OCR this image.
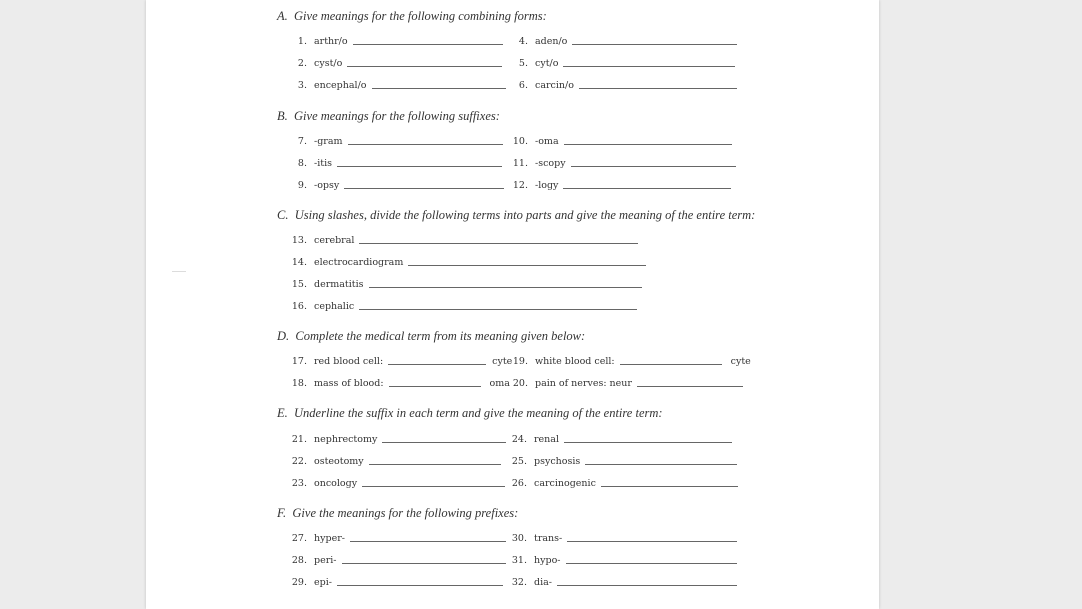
A. Give meanings for the following combining forms:
1. arthr/o
2. cyst/o
3. encephal/o
4. aden/o
5. cyt/o
6. carcin/o
B. Give meanings for the following suffixes:
7. -gram
8. -itis
9. -opsy
10. -oma
11. -scopy
12. -logy
C. Using slashes, divide the following terms into parts and give the meaning of the entire term:
13. cerebral
14. electrocardiogram
15. dermatitis
16. cephalic
D. Complete the medical term from its meaning given below:
17. red blood cell:	cyte
18. mass of blood:	oma
19. white blood cell:	cyte
20. pain of nerves: neur
E. Underline the suffix in each term and give the meaning of the entire term:
21. nephrectomy
22. osteotomy
23. oncology
24. renal
25. psychosis
26. carcinogenic
F. Give the meanings for the following prefixes:
27. hyper-
28. peri-
29. epi-
30. trans-
31. hypo-
32. dia-
